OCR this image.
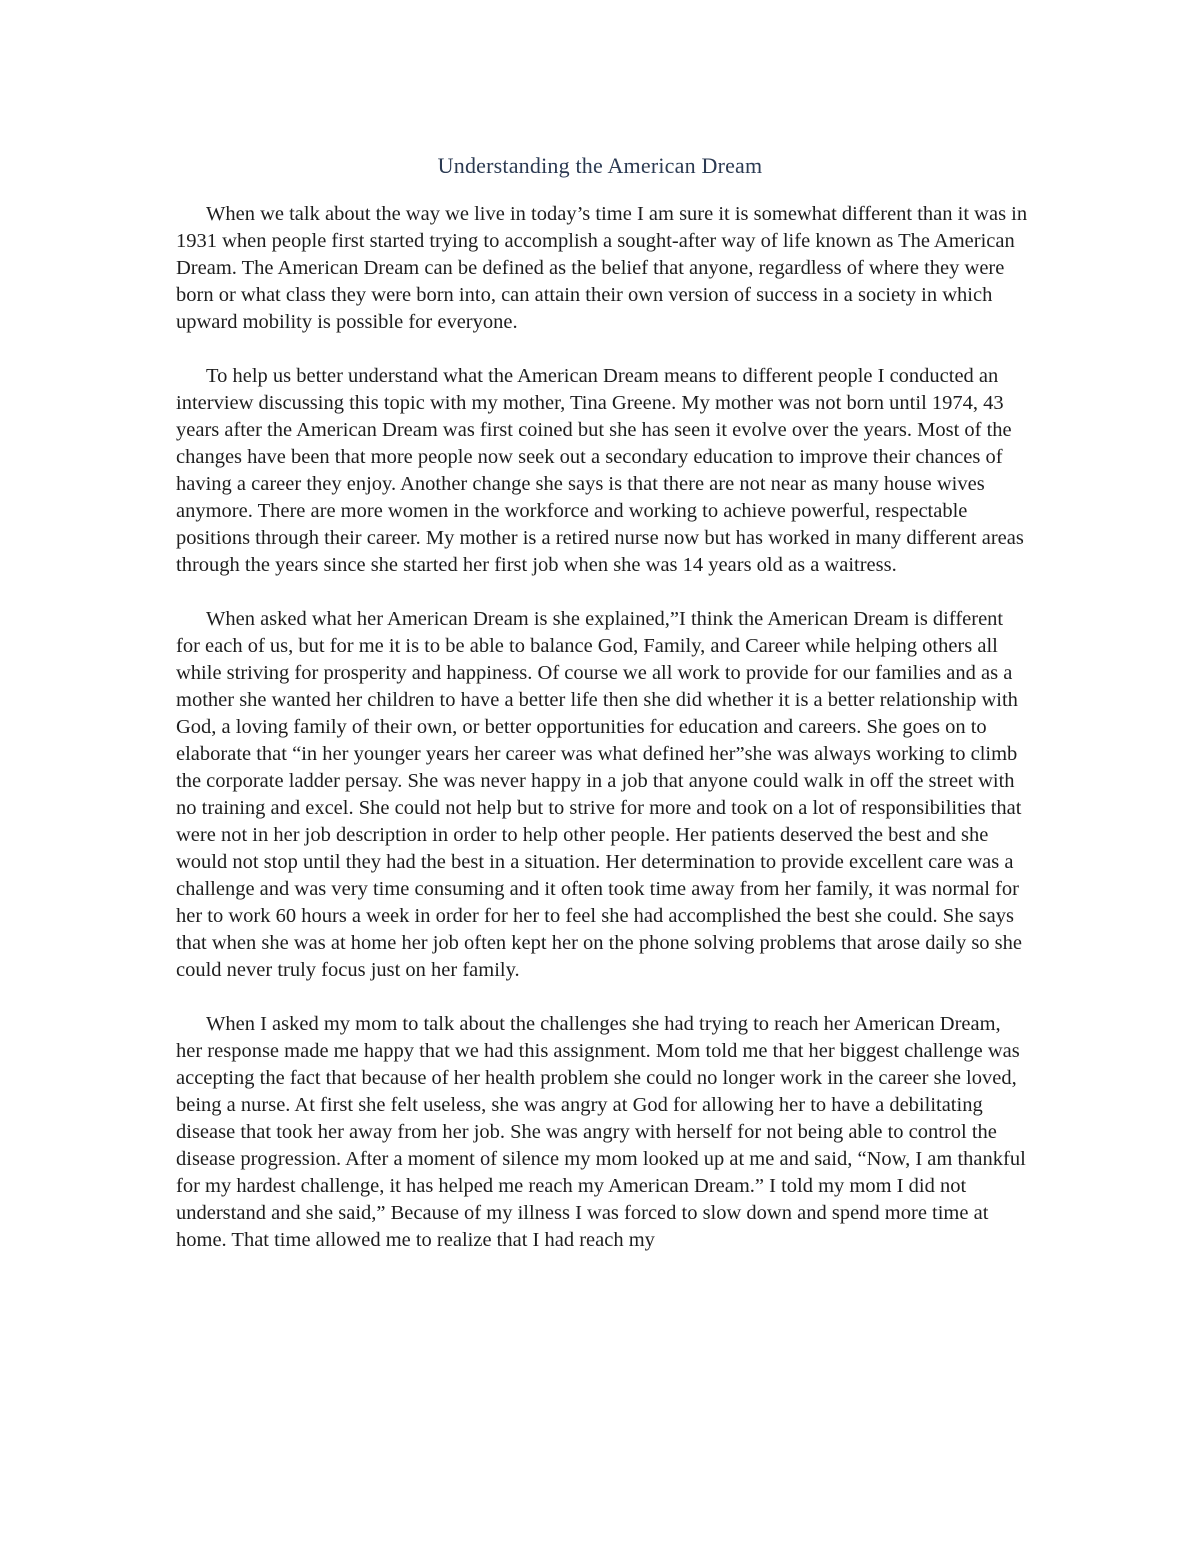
Understanding the American Dream

When we talk about the way we live in today’s time I am sure it is somewhat different than it was in 1931 when people first started trying to accomplish a sought-after way of life known as The American Dream. The American Dream can be defined as the belief that anyone, regardless of where they were born or what class they were born into, can attain their own version of success in a society in which upward mobility is possible for everyone.

To help us better understand what the American Dream means to different people I conducted an interview discussing this topic with my mother, Tina Greene. My mother was not born until 1974, 43 years after the American Dream was first coined but she has seen it evolve over the years. Most of the changes have been that more people now seek out a secondary education to improve their chances of having a career they enjoy. Another change she says is that there are not near as many house wives anymore. There are more women in the workforce and working to achieve powerful, respectable positions through their career. My mother is a retired nurse now but has worked in many different areas through the years since she started her first job when she was 14 years old as a waitress.

When asked what her American Dream is she explained,”I think the American Dream is different for each of us, but for me it is to be able to balance God, Family, and Career while helping others all while striving for prosperity and happiness. Of course we all work to provide for our families and as a mother she wanted her children to have a better life then she did whether it is a better relationship with God, a loving family of their own, or better opportunities for education and careers. She goes on to elaborate that “in her younger years her career was what defined her”she was always working to climb the corporate ladder persay. She was never happy in a job that anyone could walk in off the street with no training and excel. She could not help but to strive for more and took on a lot of responsibilities that were not in her job description in order to help other people. Her patients deserved the best and she would not stop until they had the best in a situation. Her determination to provide excellent care was a challenge and was very time consuming and it often took time away from her family, it was normal for her to work 60 hours a week in order for her to feel she had accomplished the best she could. She says that when she was at home her job often kept her on the phone solving problems that arose daily so she could never truly focus just on her family.

When I asked my mom to talk about the challenges she had trying to reach her American Dream, her response made me happy that we had this assignment. Mom told me that her biggest challenge was accepting the fact that because of her health problem she could no longer work in the career she loved, being a nurse. At first she felt useless, she was angry at God for allowing her to have a debilitating disease that took her away from her job. She was angry with herself for not being able to control the disease progression. After a moment of silence my mom looked up at me and said, “Now, I am thankful for my hardest challenge, it has helped me reach my American Dream.” I told my mom I did not understand and she said,” Because of my illness I was forced to slow down and spend more time at home. That time allowed me to realize that I had reach my
